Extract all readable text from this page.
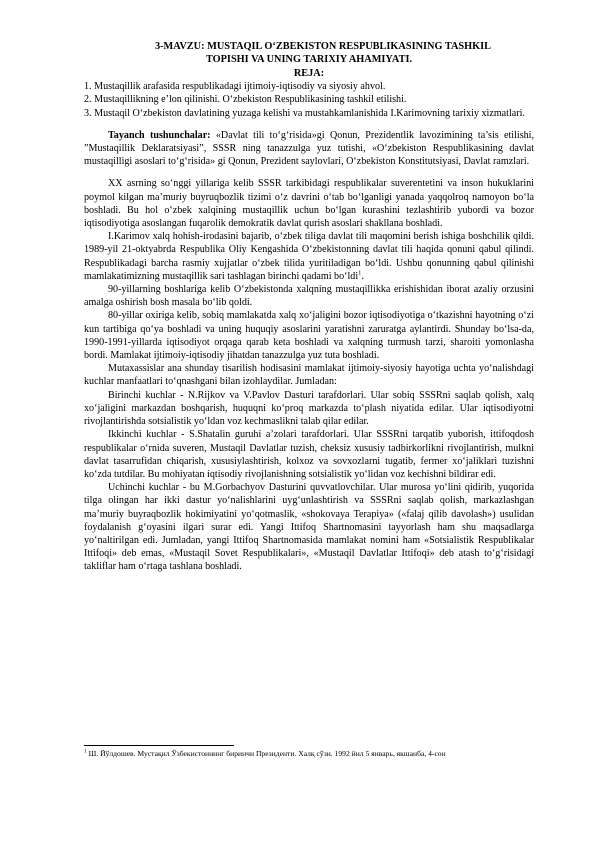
3-MAVZU: MUSTAQIL O‘ZBEKISTON RESPUBLIKASINING TASHKIL
TOPISHI VA UNING TARIXIY AHAMIYATI.
REJA:
1. Mustaqillik arafasida respublikadagi ijtimoiy-iqtisodiy va siyosiy ahvol.
2. Mustaqillikning e’lon qilinishi. O‘zbekiston Respublikasining tashkil etilishi.
3. Mustaqil O‘zbekiston davlatining yuzaga kelishi va mustahkamlanishida I.Karimovning tarixiy xizmatlari.

Tayanch tushunchalar: «Davlat tili to‘g‘risida»gi Qonun, Prezidentlik lavozimining ta’sis etilishi, ”Mustaqillik Deklaratsiyasi”, SSSR ning tanazzulga yuz tutishi, «O‘zbekiston Respublikasining davlat mustaqilligi asoslari to‘g‘risida» gi Qonun, Prezident saylovlari, O‘zbekiston Konstitutsiyasi, Davlat ramzlari.

XX asrning so‘nggi yillariga kelib SSSR tarkibidagi respublikalar suverentetini va inson hukuklarini poymol kilgan ma’muriy buyruqbozlik tizimi o‘z davrini o‘tab bo‘lganligi yanada yaqqolroq namoyon bo‘la boshladi. Bu hol o‘zbek xalqining mustaqillik uchun bo‘lgan kurashini tezlashtirib yubordi va bozor iqtisodiyotiga asoslangan fuqarolik demokratik davlat qurish asoslari shakllana boshladi.

I.Karimov xalq hohish-irodasini bajarib, o‘zbek tiliga davlat tili maqomini berish ishiga boshchilik qildi. 1989-yil 21-oktyabrda Respublika Oliy Kengashida O‘zbekistonning davlat tili haqida qonuni qabul qilindi. Respublikadagi barcha rasmiy xujjatlar o‘zbek tilida yuritiladigan bo‘ldi. Ushbu qonunning qabul qilinishi mamlakatimizning mustaqillik sari tashlagan birinchi qadami bo‘ldi$^1$.

90-yillarning boshlariga kelib O‘zbekistonda xalqning mustaqillikka erishishidan iborat azaliy orzusini amalga oshirish bosh masala bo‘lib qoldi.

80-yillar oxiriga kelib, sobiq mamlakatda xalq xo‘jaligini bozor iqtisodiyotiga o‘tkazishni hayotning o‘zi kun tartibiga qo‘ya boshladi va uning huquqiy asoslarini yaratishni zaruratga aylantirdi. Shunday bo‘lsa-da, 1990-1991-yillarda iqtisodiyot orqaga qarab keta boshladi va xalqning turmush tarzi, sharoiti yomonlasha bordi. Mamlakat ijtimoiy-iqtisodiy jihatdan tanazzulga yuz tuta boshladi.

Mutaxassislar ana shunday tisarilish hodisasini mamlakat ijtimoiy-siyosiy hayotiga uchta yo‘nalishdagi kuchlar manfaatlari to‘qnashgani bilan izohlaydilar. Jumladan:

Birinchi kuchlar - N.Rijkov va V.Pavlov Dasturi tarafdorlari. Ular sobiq SSSRni saqlab qolish, xalq xo‘jaligini markazdan boshqarish, huquqni ko‘proq markazda to‘plash niyatida edilar. Ular iqtisodiyotni rivojlantirishda sotsialistik yo‘ldan voz kechmaslikni talab qilar edilar.

Ikkinchi kuchlar - S.Shatalin guruhi a’zolari tarafdorlari. Ular SSSRni tarqatib yuborish, ittifoqdosh respublikalar o‘rnida suveren, Mustaqil Davlatlar tuzish, cheksiz xususiy tadbirkorlikni rivojlantirish, mulkni davlat tasarrufidan chiqarish, xususiylashtirish, kolxoz va sovxozlarni tugatib, fermer xo‘jaliklari tuzishni ko‘zda tutdilar. Bu mohiyatan iqtisodiy rivojlanishning sotsialistik yo‘lidan voz kechishni bildirar edi.

Uchinchi kuchlar - bu M.Gorbachyov Dasturini quvvatlovchilar. Ular murosa yo‘lini qidirib, yuqorida tilga olingan har ikki dastur yo‘nalishlarini uyg‘unlashtirish va SSSRni saqlab qolish, markazlashgan ma’muriy buyraqbozlik hokimiyatini yo‘qotmaslik, «shokovaya Terapiya» («falaj qilib davolash») usulidan foydalanish g‘oyasini ilgari surar edi. Yangi Ittifoq Shartnomasini tayyorlash ham shu maqsadlarga yo‘naltirilgan edi. Jumladan, yangi Ittifoq Shartnomasida mamlakat nomini ham «Sotsialistik Respublikalar Ittifoqi» deb emas, «Mustaqil Sovet Respublikalari», «Mustaqil Davlatlar Ittifoqi» deb atash to‘g‘risidagi takliflar ham o‘rtaga tashlana boshladi.

$^1$ Ш. Йўлдошев. Мустақил Ўзбекистоннинг биринчи Президенти. Халқ сўзи. 1992 йил 5 январь, якшанба, 4-сон
